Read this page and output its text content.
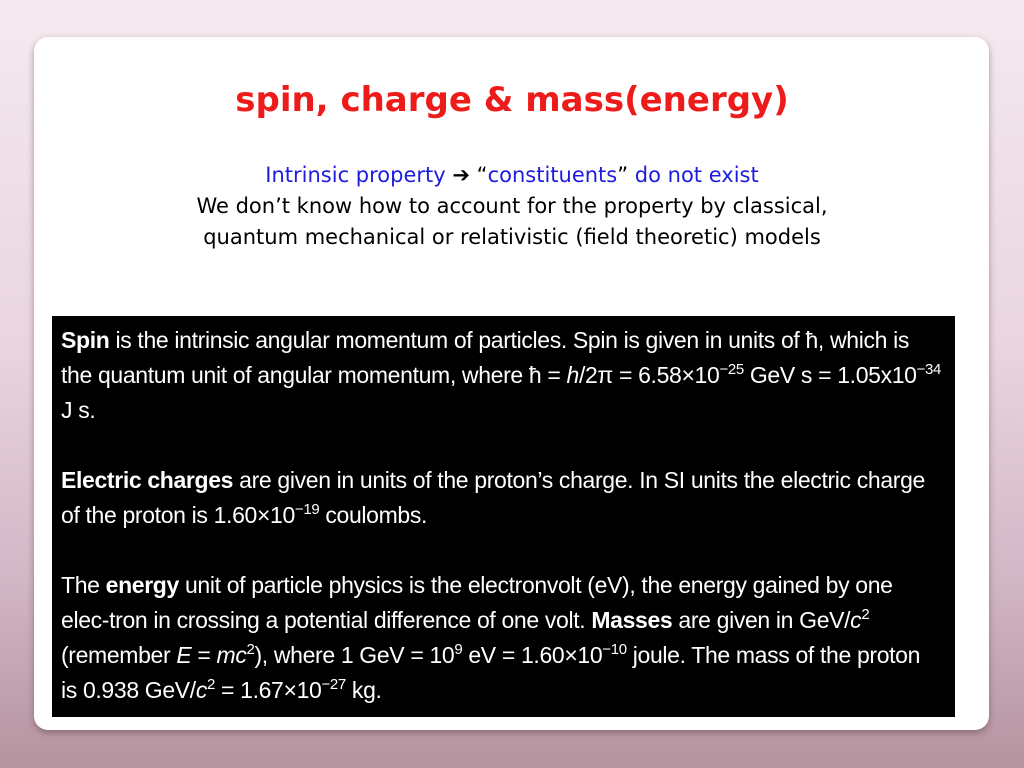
spin, charge & mass(energy)
Intrinsic property ➔ “constituents” do not exist
We don’t know how to account for the property by classical,
quantum mechanical or relativistic (field theoretic) models

Spin is the intrinsic angular momentum of particles. Spin is given in units of ħ, which is the quantum unit of angular momentum, where ħ = $h/2\pi = 6.58\times 10^{-25}$ GeV $s = 1.05x10^{-34}$ J s.

Electric charges are given in units of the proton’s charge. In SI units the electric charge of the proton is $1.60\times 10^{-19}$ coulombs.

The energy unit of particle physics is the electronvolt (eV), the energy gained by one elec-tron in crossing a potential difference of one volt. Masses are given in GeV/$c^2$ (remember $E = mc^2$), where 1 GeV = $10^9$ eV = $1.60\times 10^{-10}$ joule. The mass of the proton is 0.938 GeV/$c^2 = 1.67\times 10^{-27}$ kg.
